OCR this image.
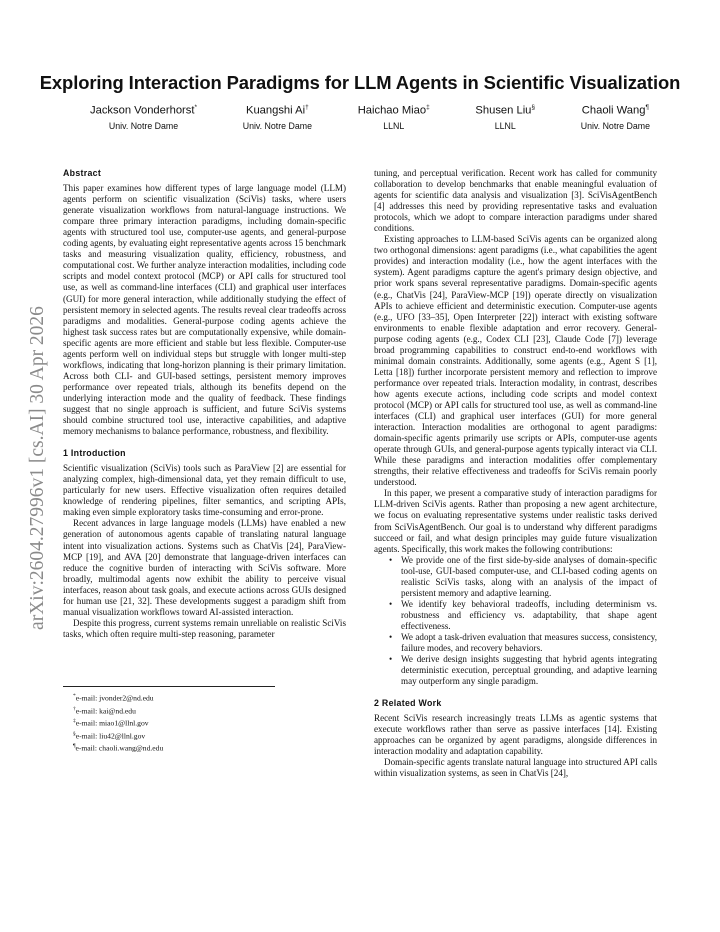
Exploring Interaction Paradigms for LLM Agents in Scientific Visualization
Jackson Vonderhorst*
Univ. Notre Dame
Kuangshi Ai†
Univ. Notre Dame
Haichao Miao‡
LLNL
Shusen Liu§
LLNL
Chaoli Wang¶
Univ. Notre Dame
arXiv:2604.27996v1 [cs.AI] 30 Apr 2026
Abstract

This paper examines how different types of large language model (LLM) agents perform on scientific visualization (SciVis) tasks, where users generate visualization workflows from natural-language instructions. We compare three primary interaction paradigms, including domain-specific agents with structured tool use, computer-use agents, and general-purpose coding agents, by evaluating eight representative agents across 15 benchmark tasks and measuring visualization quality, efficiency, robustness, and computational cost. We further analyze interaction modalities, including code scripts and model context protocol (MCP) or API calls for structured tool use, as well as command-line interfaces (CLI) and graphical user interfaces (GUI) for more general interaction, while additionally studying the effect of persistent memory in selected agents. The results reveal clear tradeoffs across paradigms and modalities. General-purpose coding agents achieve the highest task success rates but are computationally expensive, while domain-specific agents are more efficient and stable but less flexible. Computer-use agents perform well on individual steps but struggle with longer multi-step workflows, indicating that long-horizon planning is their primary limitation. Across both CLI- and GUI-based settings, persistent memory improves performance over repeated trials, although its benefits depend on the underlying interaction mode and the quality of feedback. These findings suggest that no single approach is sufficient, and future SciVis systems should combine structured tool use, interactive capabilities, and adaptive memory mechanisms to balance performance, robustness, and flexibility.

1 Introduction

Scientific visualization (SciVis) tools such as ParaView [2] are essential for analyzing complex, high-dimensional data, yet they remain difficult to use, particularly for new users. Effective visualization often requires detailed knowledge of rendering pipelines, filter semantics, and scripting APIs, making even simple exploratory tasks time-consuming and error-prone.

Recent advances in large language models (LLMs) have enabled a new generation of autonomous agents capable of translating natural language intent into visualization actions. Systems such as ChatVis [24], ParaView-MCP [19], and AVA [20] demonstrate that language-driven interfaces can reduce the cognitive burden of interacting with SciVis software. More broadly, multimodal agents now exhibit the ability to perceive visual interfaces, reason about task goals, and execute actions across GUIs designed for human use [21, 32]. These developments suggest a paradigm shift from manual visualization workflows toward AI-assisted interaction.

Despite this progress, current systems remain unreliable on realistic SciVis tasks, which often require multi-step reasoning, parameter

*e-mail: jvonder2@nd.edu
†e-mail: kai@nd.edu
‡e-mail: miao1@llnl.gov
§e-mail: liu42@llnl.gov
¶e-mail: chaoli.wang@nd.edu

tuning, and perceptual verification. Recent work has called for community collaboration to develop benchmarks that enable meaningful evaluation of agents for scientific data analysis and visualization [3]. SciVisAgentBench [4] addresses this need by providing representative tasks and evaluation protocols, which we adopt to compare interaction paradigms under shared conditions.

Existing approaches to LLM-based SciVis agents can be organized along two orthogonal dimensions: agent paradigms (i.e., what capabilities the agent provides) and interaction modality (i.e., how the agent interfaces with the system). Agent paradigms capture the agent's primary design objective, and prior work spans several representative paradigms. Domain-specific agents (e.g., ChatVis [24], ParaView-MCP [19]) operate directly on visualization APIs to achieve efficient and deterministic execution. Computer-use agents (e.g., UFO [33–35], Open Interpreter [22]) interact with existing software environments to enable flexible adaptation and error recovery. General-purpose coding agents (e.g., Codex CLI [23], Claude Code [7]) leverage broad programming capabilities to construct end-to-end workflows with minimal domain constraints. Additionally, some agents (e.g., Agent S [1], Letta [18]) further incorporate persistent memory and reflection to improve performance over repeated trials. Interaction modality, in contrast, describes how agents execute actions, including code scripts and model context protocol (MCP) or API calls for structured tool use, as well as command-line interfaces (CLI) and graphical user interfaces (GUI) for more general interaction. Interaction modalities are orthogonal to agent paradigms: domain-specific agents primarily use scripts or APIs, computer-use agents operate through GUIs, and general-purpose agents typically interact via CLI. While these paradigms and interaction modalities offer complementary strengths, their relative effectiveness and tradeoffs for SciVis remain poorly understood.

In this paper, we present a comparative study of interaction paradigms for LLM-driven SciVis agents. Rather than proposing a new agent architecture, we focus on evaluating representative systems under realistic tasks derived from SciVisAgentBench. Our goal is to understand why different paradigms succeed or fail, and what design principles may guide future visualization agents. Specifically, this work makes the following contributions:

• We provide one of the first side-by-side analyses of domain-specific tool-use, GUI-based computer-use, and CLI-based coding agents on realistic SciVis tasks, along with an analysis of the impact of persistent memory and adaptive learning.
• We identify key behavioral tradeoffs, including determinism vs. robustness and efficiency vs. adaptability, that shape agent effectiveness.
• We adopt a task-driven evaluation that measures success, consistency, failure modes, and recovery behaviors.
• We derive design insights suggesting that hybrid agents integrating deterministic execution, perceptual grounding, and adaptive learning may outperform any single paradigm.
2 Related Work

Recent SciVis research increasingly treats LLMs as agentic systems that execute workflows rather than serve as passive interfaces [14]. Existing approaches can be organized by agent paradigms, alongside differences in interaction modality and adaptation capability.

Domain-specific agents translate natural language into structured API calls within visualization systems, as seen in ChatVis [24],
